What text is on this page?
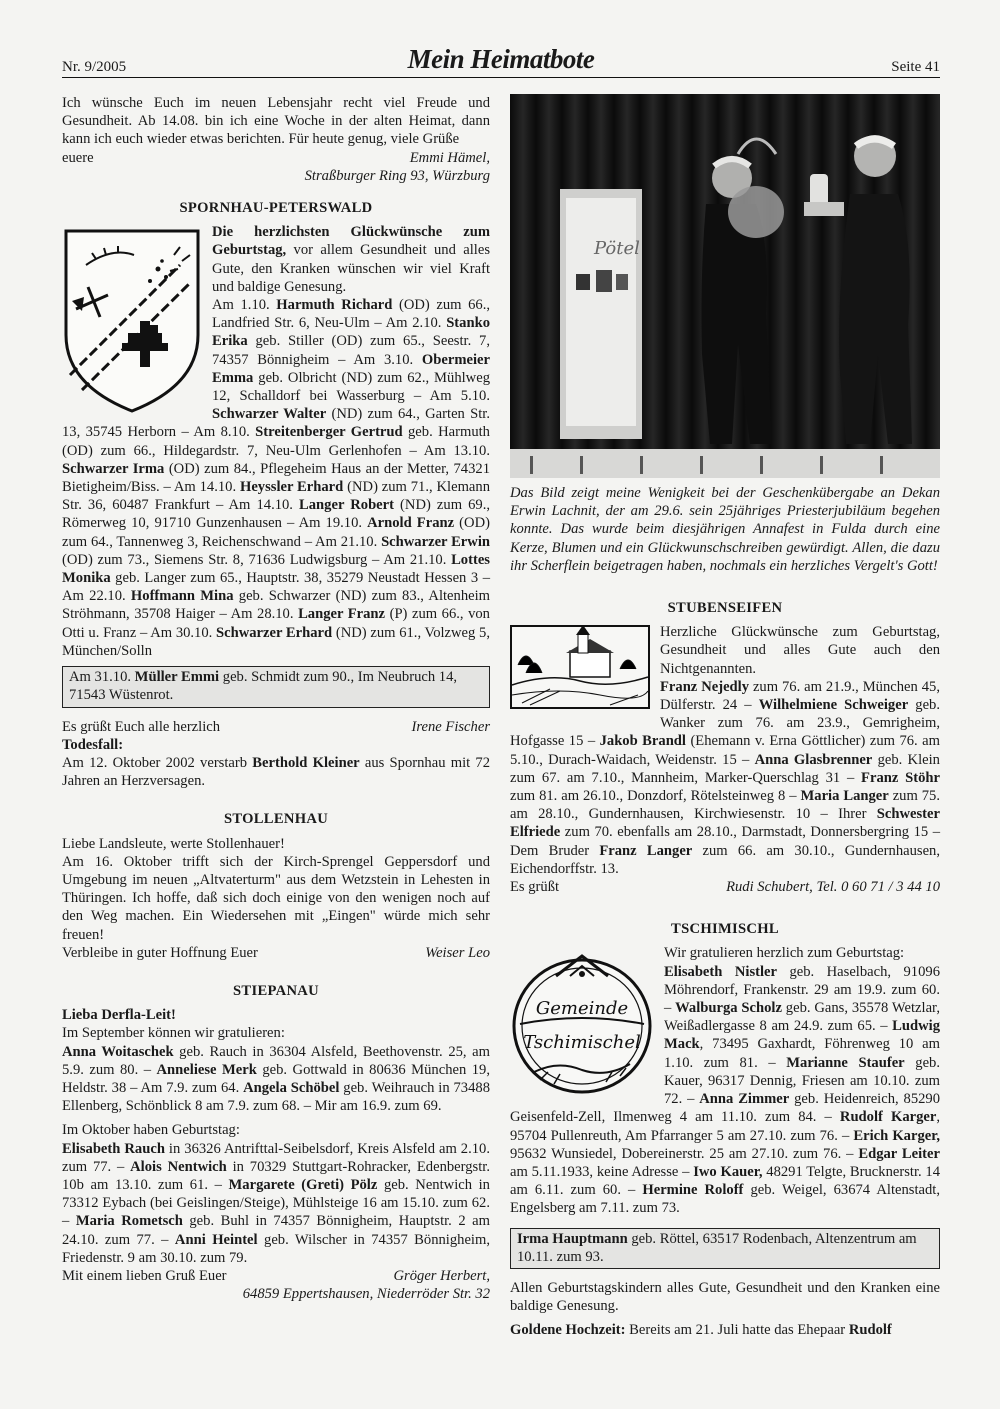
Nr. 9/2005	Mein Heimatbote	Seite 41

Ich wünsche Euch im neuen Lebensjahr recht viel Freude und Gesundheit. Ab 14.08. bin ich eine Woche in der alten Heimat, dann kann ich euch wieder etwas berichten. Für heute genug, viele Grüße

euere	Emmi Hämel,
Straßburger Ring 93, Würzburg
SPORNHAU-PETERSWALD

Die herzlichsten Glückwünsche zum Geburtstag, vor allem Gesundheit und alles Gute, den Kranken wünschen wir viel Kraft und baldige Genesung.
Am 1.10. Harmuth Richard (OD) zum 66., Landfried Str. 6, Neu-Ulm – Am 2.10. Stanko Erika geb. Stiller (OD) zum 65., Seestr. 7, 74357 Bönnigheim – Am 3.10. Obermeier Emma geb. Olbricht (ND) zum 62., Mühlweg 12, Schalldorf bei Wasserburg – Am 5.10. Schwarzer Walter (ND) zum 64., Garten Str. 13, 35745 Herborn – Am 8.10. Streitenberger Gertrud geb. Harmuth (OD) zum 66., Hildegardstr. 7, Neu-Ulm Gerlenhofen – Am 13.10. Schwarzer Irma (OD) zum 84., Pflegeheim Haus an der Metter, 74321 Bietigheim/Biss. – Am 14.10. Heyssler Erhard (ND) zum 71., Klemann Str. 36, 60487 Frankfurt – Am 14.10. Langer Robert (ND) zum 69., Römerweg 10, 91710 Gunzenhausen – Am 19.10. Arnold Franz (OD) zum 64., Tannenweg 3, Reichenschwand – Am 21.10. Schwarzer Erwin (OD) zum 73., Siemens Str. 8, 71636 Ludwigsburg – Am 21.10. Lottes Monika geb. Langer zum 65., Hauptstr. 38, 35279 Neustadt Hessen 3 – Am 22.10. Hoffmann Mina geb. Schwarzer (ND) zum 83., Altenheim Ströhmann, 35708 Haiger – Am 28.10. Langer Franz (P) zum 66., von Otti u. Franz – Am 30.10. Schwarzer Erhard (ND) zum 61., Volzweg 5, München/Solln

Am 31.10. Müller Emmi geb. Schmidt zum 90., Im Neubruch 14, 71543 Wüstenrot.
Es grüßt Euch alle herzlich	Irene Fischer
Todesfall:

Am 12. Oktober 2002 verstarb Berthold Kleiner aus Spornhau mit 72 Jahren an Herzversagen.

STOLLENHAU

Liebe Landsleute, werte Stollenhauer!

Am 16. Oktober trifft sich der Kirch-Sprengel Geppersdorf und Umgebung im neuen „Altvaterturm" aus dem Wetzstein in Lehesten in Thüringen. Ich hoffe, daß sich doch einige von den wenigen noch auf den Weg machen. Ein Wiedersehen mit „Eingen" würde mich sehr freuen!

Verbleibe in guter Hoffnung Euer	Weiser Leo
STIEPANAU
Lieba Derfla-Leit!

Im September können wir gratulieren:

Anna Woitaschek geb. Rauch in 36304 Alsfeld, Beethovenstr. 25, am 5.9. zum 80. – Anneliese Merk geb. Gottwald in 80636 München 19, Heldstr. 38 – Am 7.9. zum 64. Angela Schöbel geb. Weihrauch in 73488 Ellenberg, Schönblick 8 am 7.9. zum 68. – Mir am 16.9. zum 69.

Im Oktober haben Geburtstag:

Elisabeth Rauch in 36326 Antrifttal-Seibelsdorf, Kreis Alsfeld am 2.10. zum 77. – Alois Nentwich in 70329 Stuttgart-Rohracker, Edenbergstr. 10b am 13.10. zum 61. – Margarete (Greti) Pölz geb. Nentwich in 73312 Eybach (bei Geislingen/Steige), Mühlsteige 16 am 15.10. zum 62. – Maria Rometsch geb. Buhl in 74357 Bönnigheim, Hauptstr. 2 am 24.10. zum 77. – Anni Heintel geb. Wilscher in 74357 Bönnigheim, Friedenstr. 9 am 30.10. zum 79.

Mit einem lieben Gruß Euer	Gröger Herbert,
64859 Eppertshausen, Niederröder Str. 32
Pötel

Das Bild zeigt meine Wenigkeit bei der Geschenkübergabe an Dekan Erwin Lachnit, der am 29.6. sein 25jähriges Priesterjubiläum begehen konnte. Das wurde beim diesjährigen Annafest in Fulda durch eine Kerze, Blumen und ein Glückwunschschreiben gewürdigt. Allen, die dazu ihr Scherflein beigetragen haben, nochmals ein herzliches Vergelt's Gott!

STUBENSEIFEN

Herzliche Glückwünsche zum Geburtstag, Gesundheit und alles Gute auch den Nichtgenannten.

Franz Nejedly zum 76. am 21.9., München 45, Dülferstr. 24 – Wilhelmiene Schweiger geb. Wanker zum 76. am 23.9., Gemrigheim, Hofgasse 15 – Jakob Brandl (Ehemann v. Erna Göttlicher) zum 76. am 5.10., Durach-Waidach, Weidenstr. 15 – Anna Glasbrenner geb. Klein zum 67. am 7.10., Mannheim, Marker-Querschlag 31 – Franz Stöhr zum 81. am 26.10., Donzdorf, Rötelsteinweg 8 – Maria Langer zum 75. am 28.10., Gundernhausen, Kirchwiesenstr. 10 – Ihrer Schwester Elfriede zum 70. ebenfalls am 28.10., Darmstadt, Donnersbergring 15 – Dem Bruder Franz Langer zum 66. am 30.10., Gundernhausen, Eichendorffstr. 13.

Es grüßt	Rudi Schubert, Tel. 0 60 71 / 3 44 10
TSCHIMISCHL
Gemeinde
Tschimischel

Wir gratulieren herzlich zum Geburtstag:

Elisabeth Nistler geb. Haselbach, 91096 Möhrendorf, Frankenstr. 29 am 19.9. zum 60. – Walburga Scholz geb. Gans, 35578 Wetzlar, Weißadlergasse 8 am 24.9. zum 65. – Ludwig Mack, 73495 Gaxhardt, Föhrenweg 10 am 1.10. zum 81. – Marianne Staufer geb. Kauer, 96317 Dennig, Friesen am 10.10. zum 72. – Anna Zimmer geb. Heidenreich, 85290 Geisenfeld-Zell, Ilmenweg 4 am 11.10. zum 84. – Rudolf Karger, 95704 Pullenreuth, Am Pfarranger 5 am 27.10. zum 76. – Erich Karger, 95632 Wunsiedel, Dobereinerstr. 25 am 27.10. zum 76. – Edgar Leiter am 5.11.1933, keine Adresse – Iwo Kauer, 48291 Telgte, Brucknerstr. 14 am 6.11. zum 60. – Hermine Roloff geb. Weigel, 63674 Altenstadt, Engelsberg am 7.11. zum 73.

Irma Hauptmann geb. Röttel, 63517 Rodenbach, Altenzentrum am 10.11. zum 93.

Allen Geburtstagskindern alles Gute, Gesundheit und den Kranken eine baldige Genesung.

Goldene Hochzeit: Bereits am 21. Juli hatte das Ehepaar Rudolf
